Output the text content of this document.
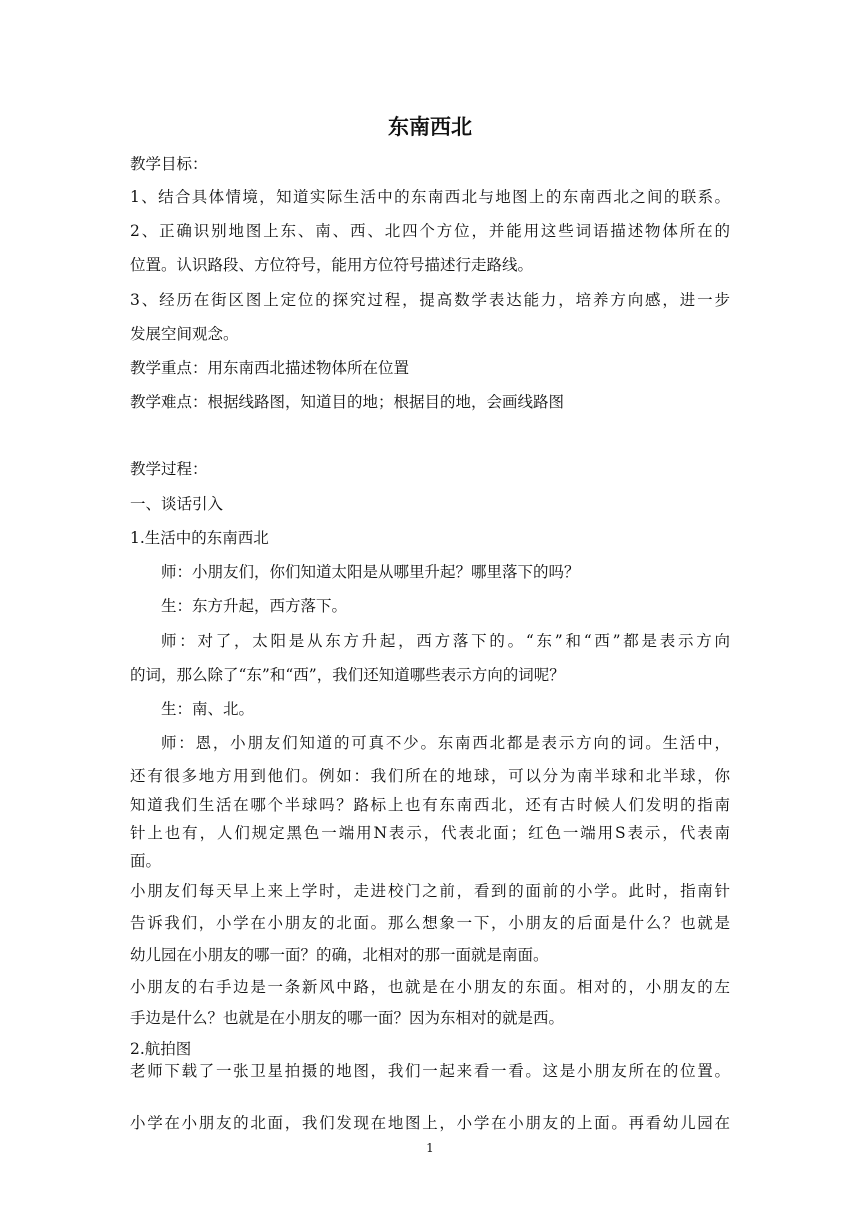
东南西北

教学目标：

1、结合具体情境，知道实际生活中的东南西北与地图上的东南西北之间的联系。

2、正确识别地图上东、南、西、北四个方位，并能用这些词语描述物体所在的

位置。认识路段、方位符号，能用方位符号描述行走路线。

3、经历在街区图上定位的探究过程，提高数学表达能力，培养方向感，进一步

发展空间观念。

教学重点：用东南西北描述物体所在位置

教学难点：根据线路图，知道目的地；根据目的地，会画线路图

教学过程：

一、谈话引入

1.生活中的东南西北

师：小朋友们，你们知道太阳是从哪里升起？哪里落下的吗？

生：东方升起，西方落下。

师：对了，太阳是从东方升起，西方落下的。“东”和“西”都是表示方向

的词，那么除了“东”和“西”，我们还知道哪些表示方向的词呢？

生：南、北。

师：恩，小朋友们知道的可真不少。东南西北都是表示方向的词。生活中，

还有很多地方用到他们。例如：我们所在的地球，可以分为南半球和北半球，你

知道我们生活在哪个半球吗？路标上也有东南西北，还有古时候人们发明的指南

针上也有，人们规定黑色一端用N表示，代表北面；红色一端用S表示，代表南

面。

小朋友们每天早上来上学时，走进校门之前，看到的面前的小学。此时，指南针

告诉我们，小学在小朋友的北面。那么想象一下，小朋友的后面是什么？也就是

幼儿园在小朋友的哪一面？的确，北相对的那一面就是南面。

小朋友的右手边是一条新风中路，也就是在小朋友的东面。相对的，小朋友的左

手边是什么？也就是在小朋友的哪一面？因为东相对的就是西。

2.航拍图

老师下载了一张卫星拍摄的地图，我们一起来看一看。这是小朋友所在的位置。

小学在小朋友的北面，我们发现在地图上，小学在小朋友的上面。再看幼儿园在

1
